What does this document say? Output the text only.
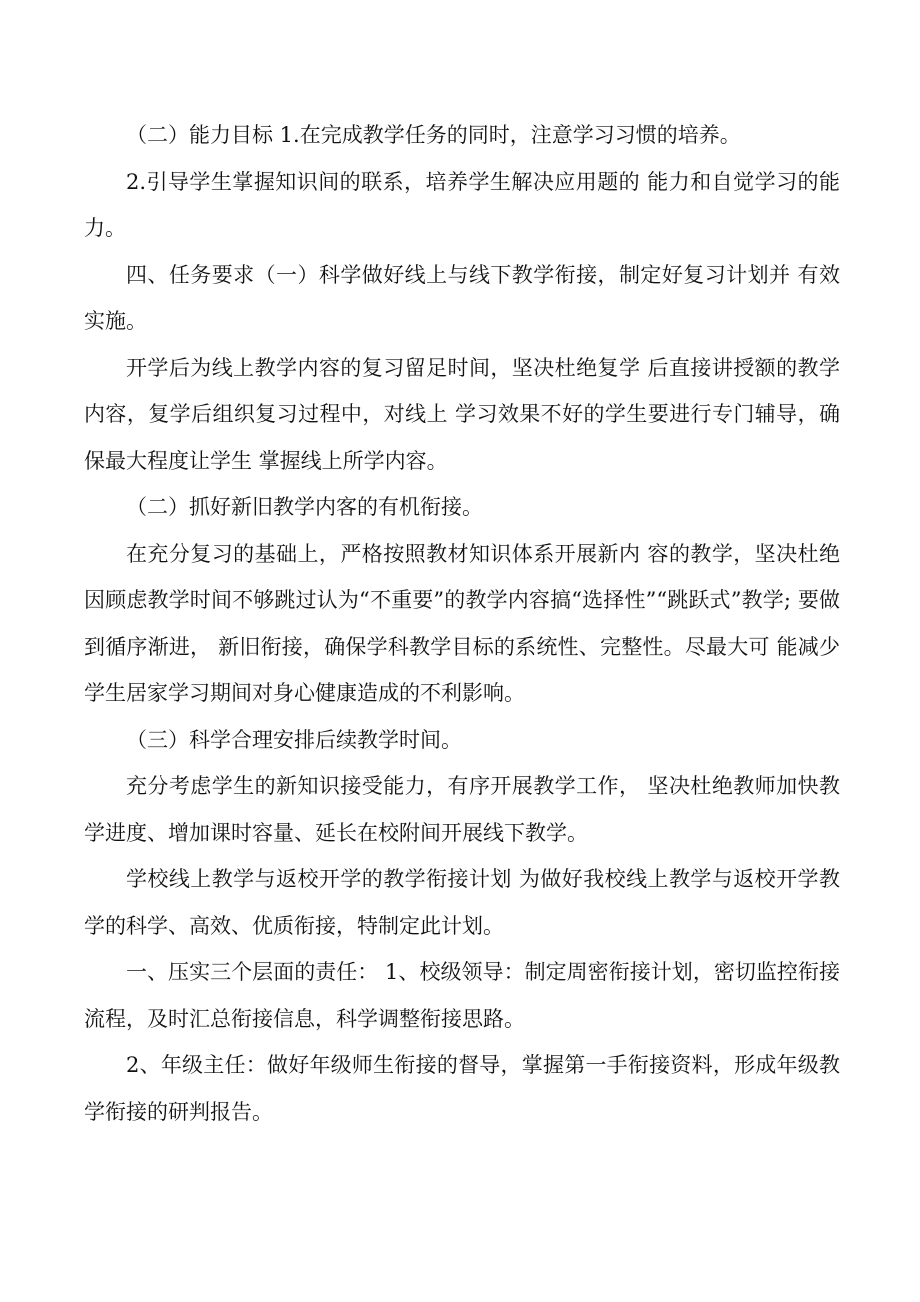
（二）能力目标 1.在完成教学任务的同时，注意学习习惯的培养。

2.引导学生掌握知识间的联系，培养学生解决应用题的 能力和自觉学习的能力。

四、任务要求（一）科学做好线上与线下教学衔接，制定好复习计划并 有效实施。

开学后为线上教学内容的复习留足时间，坚决杜绝复学 后直接讲授额的教学内容，复学后组织复习过程中，对线上 学习效果不好的学生要进行专门辅导，确保最大程度让学生 掌握线上所学内容。

（二）抓好新旧教学内客的有机衔接。

在充分复习的基础上，严格按照教材知识体系开展新内 容的教学，坚决杜绝因顾虑教学时间不够跳过认为“不重要”的教学内容搞“选择性”“跳跃式”教学; 要做到循序渐进， 新旧衔接，确保学科教学目标的系统性、完整性。尽最大可 能减少学生居家学习期间对身心健康造成的不利影响。

（三）科学合理安排后续教学时间。

充分考虑学生的新知识接受能力，有序开展教学工作， 坚决杜绝教师加快教学进度、增加课时容量、延长在校附间开展线下教学。

学校线上教学与返校开学的教学衔接计划 为做好我校线上教学与返校开学教学的科学、高效、优质衔接，特制定此计划。

一、压实三个层面的责任： 1、校级领导：制定周密衔接计划，密切监控衔接流程，及时汇总衔接信息，科学调整衔接思路。

2、年级主任：做好年级师生衔接的督导，掌握第一手衔接资料，形成年级教学衔接的研判报告。
